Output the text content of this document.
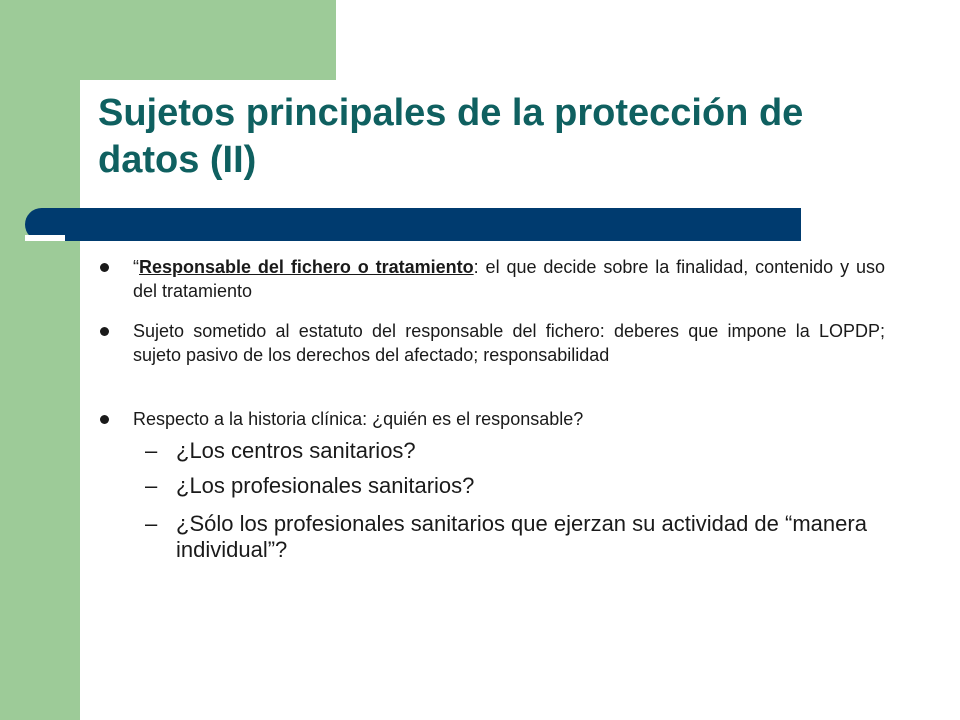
Sujetos principales de la protección de datos (II)
“Responsable del fichero o tratamiento: el que decide sobre la finalidad, contenido y uso del tratamiento
Sujeto sometido al estatuto del responsable del fichero: deberes que impone la LOPDP; sujeto pasivo de los derechos del afectado; responsabilidad
Respecto a la historia clínica: ¿quién es el responsable?
– ¿Los centros sanitarios?
– ¿Los profesionales sanitarios?
– ¿Sólo los profesionales sanitarios que ejerzan su actividad de “manera individual”?
